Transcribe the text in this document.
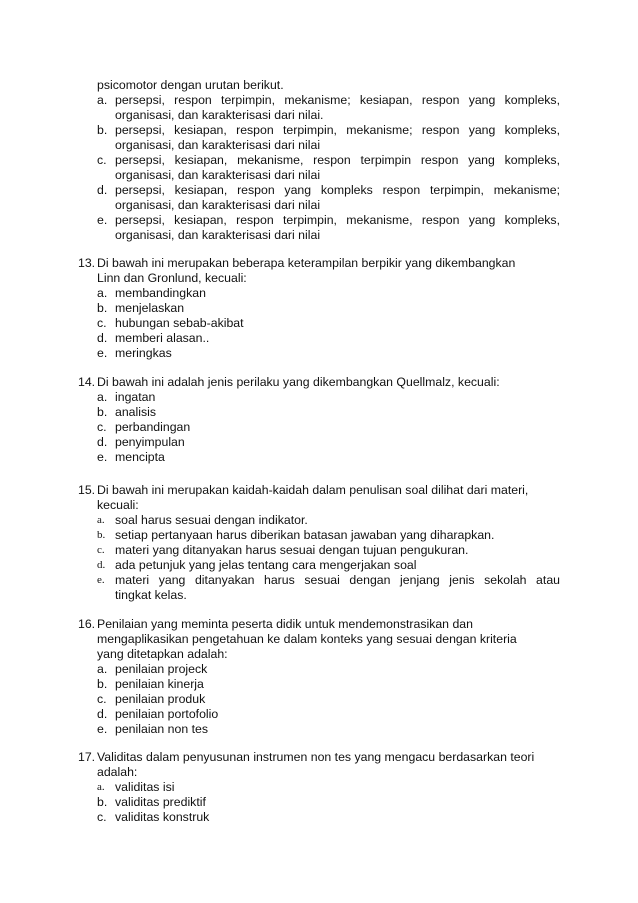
psicomotor dengan urutan berikut.
a. persepsi, respon terpimpin, mekanisme; kesiapan, respon yang kompleks,
organisasi, dan karakterisasi dari nilai.
b. persepsi, kesiapan, respon terpimpin, mekanisme; respon yang kompleks,
organisasi, dan karakterisasi dari nilai
c. persepsi, kesiapan, mekanisme, respon terpimpin respon yang kompleks,
organisasi, dan karakterisasi dari nilai
d. persepsi, kesiapan, respon yang kompleks respon terpimpin, mekanisme;
organisasi, dan karakterisasi dari nilai
e. persepsi, kesiapan, respon terpimpin, mekanisme, respon yang kompleks,
organisasi, dan karakterisasi dari nilai
13. Di bawah ini merupakan beberapa keterampilan berpikir yang dikembangkan
Linn dan Gronlund, kecuali:
a. membandingkan
b. menjelaskan
c. hubungan sebab-akibat
d. memberi alasan..
e. meringkas
14. Di bawah ini adalah jenis perilaku yang dikembangkan Quellmalz, kecuali:
a. ingatan
b. analisis
c. perbandingan
d. penyimpulan
e. mencipta
15. Di bawah ini merupakan kaidah-kaidah dalam penulisan soal dilihat dari materi,
kecuali:
a. soal harus sesuai dengan indikator.
b. setiap pertanyaan harus diberikan batasan jawaban yang diharapkan.
c. materi yang ditanyakan harus sesuai dengan tujuan pengukuran.
d. ada petunjuk yang jelas tentang cara mengerjakan soal
e. materi yang ditanyakan harus sesuai dengan jenjang jenis sekolah atau
tingkat kelas.
16. Penilaian yang meminta peserta didik untuk mendemonstrasikan dan
mengaplikasikan pengetahuan ke dalam konteks yang sesuai dengan kriteria
yang ditetapkan adalah:
a. penilaian projeck
b. penilaian kinerja
c. penilaian produk
d. penilaian portofolio
e. penilaian non tes
17. Validitas dalam penyusunan instrumen non tes yang mengacu berdasarkan teori
adalah:
a. validitas isi
b. validitas prediktif
c. validitas konstruk
